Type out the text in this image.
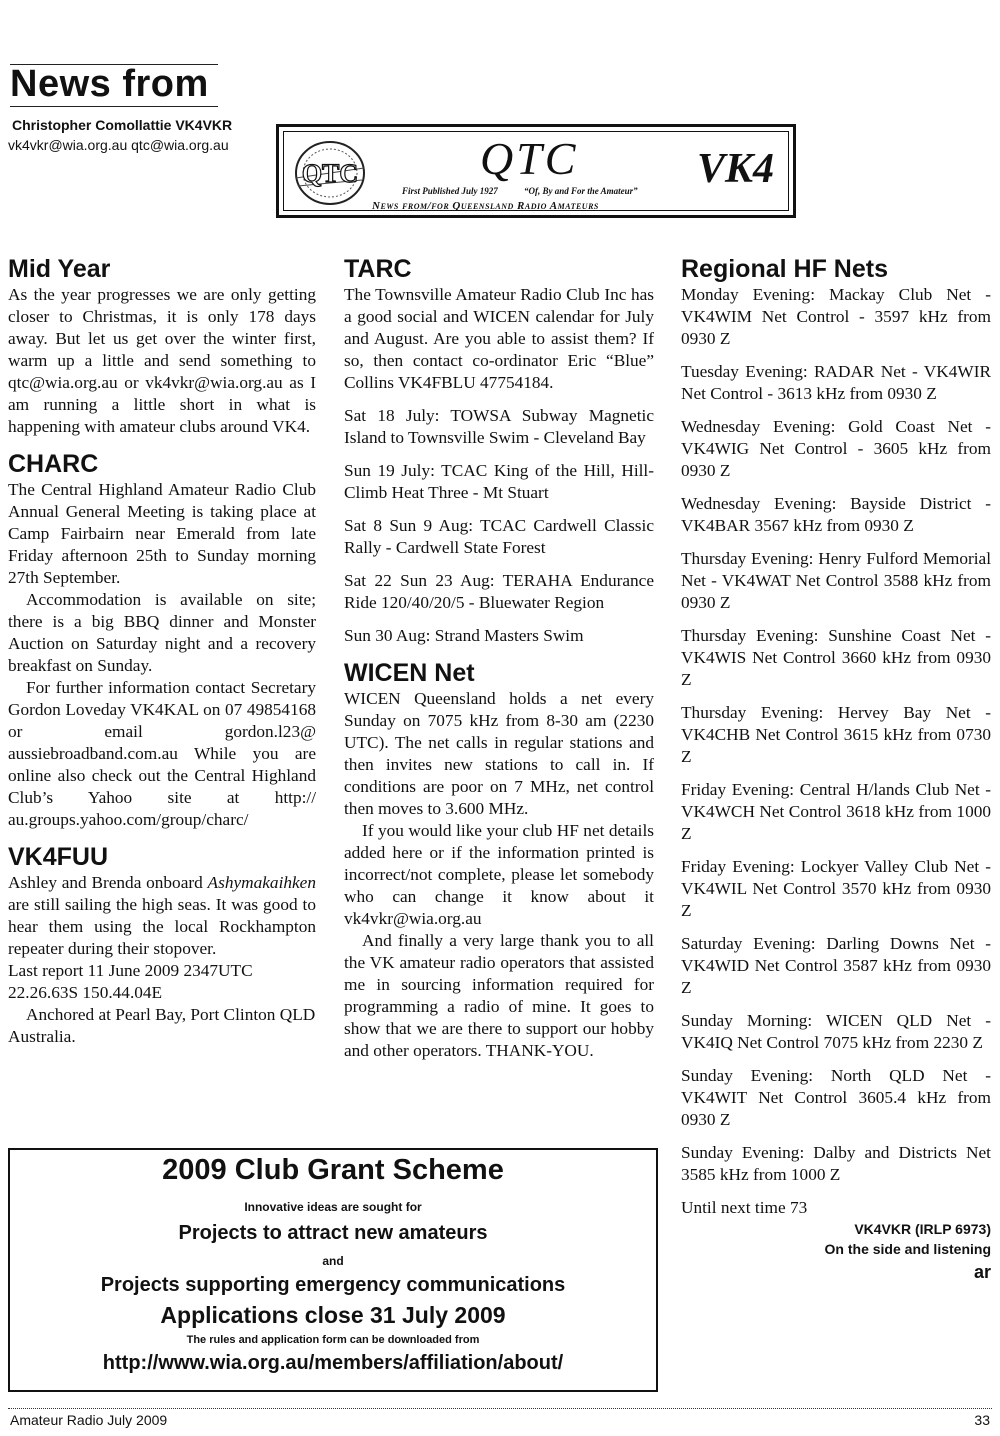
News from
Christopher Comollattie VK4VKR
vk4vkr@wia.org.au qtc@wia.org.au
QTC	QTC	VK4
First Published July 1927	“Of, By and For the Amateur”
News from/for Queensland Radio Amateurs
Mid Year

As the year progresses we are only getting closer to Christmas, it is only 178 days away. But let us get over the winter first, warm up a little and send something to qtc@wia.org.au or vk4vkr@wia.org.au as I am running a little short in what is happening with amateur clubs around VK4.

CHARC

The Central Highland Amateur Radio Club Annual General Meeting is taking place at Camp Fairbairn near Emerald from late Friday afternoon 25th to Sunday morning 27th September.

Accommodation is available on site; there is a big BBQ dinner and Monster Auction on Saturday night and a recovery breakfast on Sunday.

For further information contact Secretary Gordon Loveday VK4KAL on 07 49854168 or email gordon.l23@ aussiebroadband.com.au While you are online also check out the Central Highland Club’s Yahoo site at http:// au.groups.yahoo.com/group/charc/

VK4FUU

Ashley and Brenda onboard Ashymakaihken are still sailing the high seas. It was good to hear them using the local Rockhampton repeater during their stopover.

Last report 11 June 2009 2347UTC 22.26.63S 150.44.04E

Anchored at Pearl Bay, Port Clinton QLD Australia.

TARC

The Townsville Amateur Radio Club Inc has a good social and WICEN calendar for July and August. Are you able to assist them? If so, then contact co-ordinator Eric “Blue” Collins VK4FBLU 47754184.

Sat 18 July: TOWSA Subway Magnetic Island to Townsville Swim - Cleveland Bay

Sun 19 July: TCAC King of the Hill, Hill-Climb Heat Three - Mt Stuart

Sat 8 Sun 9 Aug: TCAC Cardwell Classic Rally - Cardwell State Forest

Sat 22 Sun 23 Aug: TERAHA Endurance Ride 120/40/20/5 - Bluewater Region

Sun 30 Aug: Strand Masters Swim

WICEN Net

WICEN Queensland holds a net every Sunday on 7075 kHz from 8-30 am (2230 UTC). The net calls in regular stations and then invites new stations to call in. If conditions are poor on 7 MHz, net control then moves to 3.600 MHz.

If you would like your club HF net details added here or if the information printed is incorrect/not complete, please let somebody who can change it know about it vk4vkr@wia.org.au

And finally a very large thank you to all the VK amateur radio operators that assisted me in sourcing information required for programming a radio of mine. It goes to show that we are there to support our hobby and other operators. THANK-YOU.

Regional HF Nets

Monday Evening: Mackay Club Net -VK4WIM Net Control - 3597 kHz from 0930 Z

Tuesday Evening: RADAR Net - VK4WIR Net Control - 3613 kHz from 0930 Z

Wednesday Evening: Gold Coast Net -VK4WIG Net Control - 3605 kHz from 0930 Z

Wednesday Evening: Bayside District - VK4BAR 3567 kHz from 0930 Z

Thursday Evening: Henry Fulford Memorial Net - VK4WAT Net Control 3588 kHz from 0930 Z

Thursday Evening: Sunshine Coast Net - VK4WIS Net Control 3660 kHz from 0930 Z

Thursday Evening: Hervey Bay Net - VK4CHB Net Control 3615 kHz from 0730 Z

Friday Evening: Central H/lands Club Net - VK4WCH Net Control 3618 kHz from 1000 Z

Friday Evening: Lockyer Valley Club Net -VK4WIL Net Control 3570 kHz from 0930 Z

Saturday Evening: Darling Downs Net -VK4WID Net Control 3587 kHz from 0930 Z

Sunday Morning: WICEN QLD Net - VK4IQ Net Control 7075 kHz from 2230 Z

Sunday Evening: North QLD Net - VK4WIT Net Control 3605.4 kHz from 0930 Z

Sunday Evening: Dalby and Districts Net 3585 kHz from 1000 Z

Until next time 73

VK4VKR (IRLP 6973)

On the side and listening

ar

2009 Club Grant Scheme
Innovative ideas are sought for
Projects to attract new amateurs
and
Projects supporting emergency communications
Applications close 31 July 2009
The rules and application form can be downloaded from
http://www.wia.org.au/members/affiliation/about/
Amateur Radio July 2009	33
